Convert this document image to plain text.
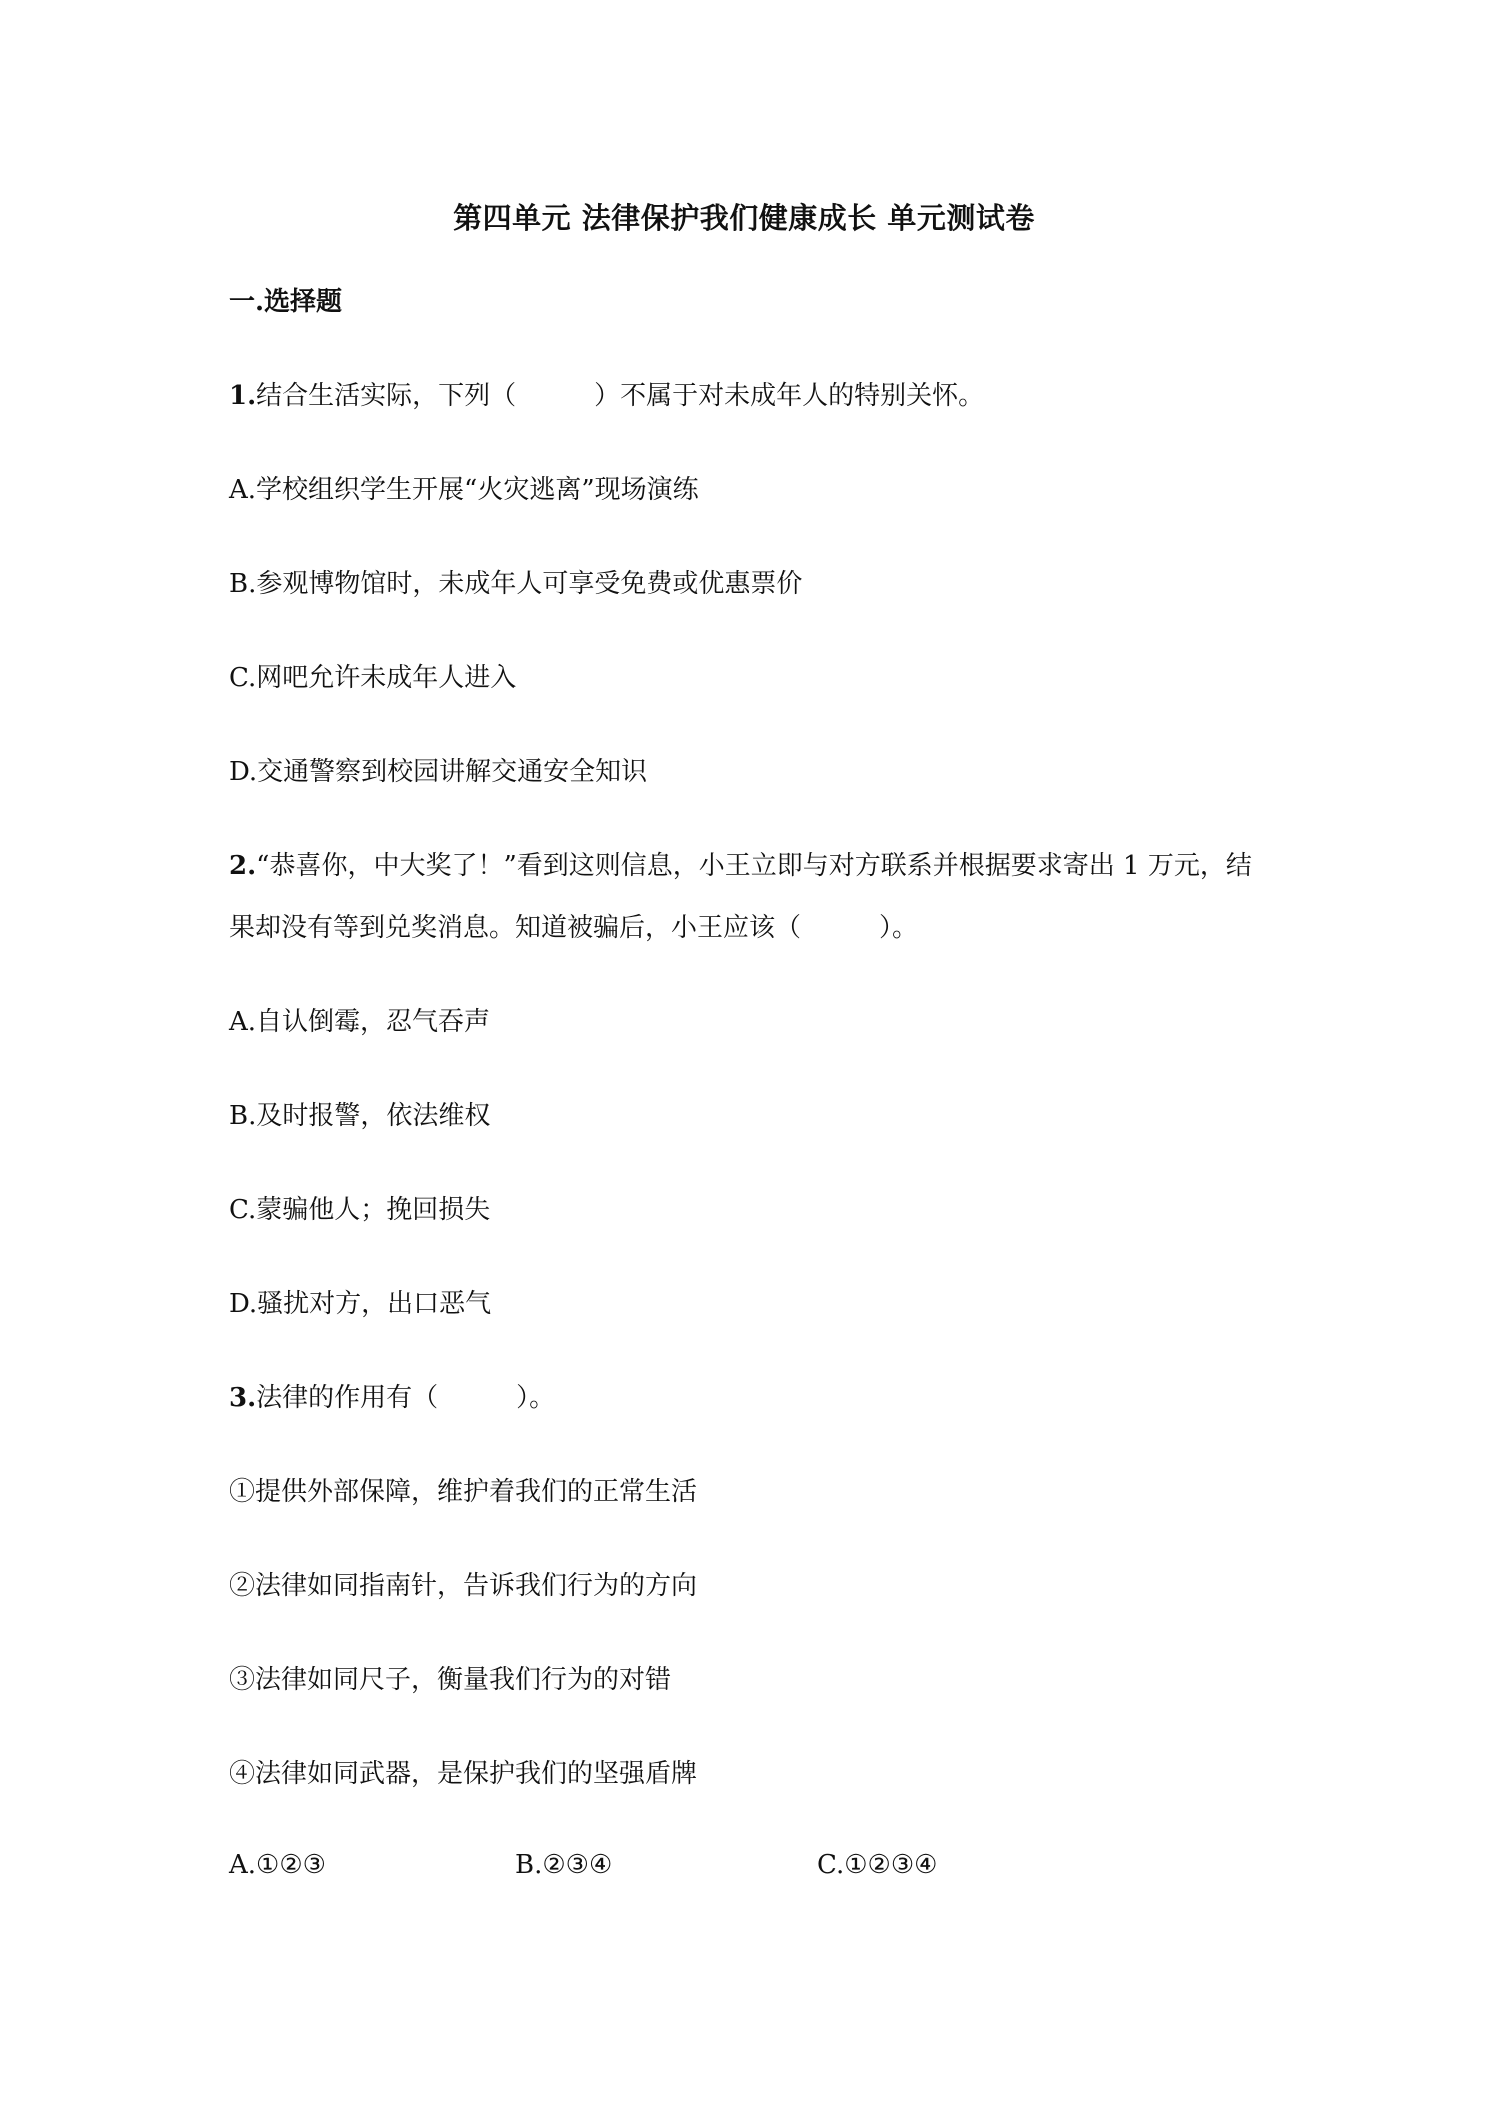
第四单元 法律保护我们健康成长 单元测试卷
一.选择题
1.结合生活实际，下列（　　　）不属于对未成年人的特别关怀。
A.学校组织学生开展“火灾逃离”现场演练
B.参观博物馆时，未成年人可享受免费或优惠票价
C.网吧允许未成年人进入
D.交通警察到校园讲解交通安全知识
2.“恭喜你，中大奖了！”看到这则信息，小王立即与对方联系并根据要求寄出 1 万元，结
果却没有等到兑奖消息。知道被骗后，小王应该（　　　）。
A.自认倒霉，忍气吞声
B.及时报警，依法维权
C.蒙骗他人；挽回损失
D.骚扰对方，出口恶气
3.法律的作用有（　　　）。
①提供外部保障，维护着我们的正常生活
②法律如同指南针，告诉我们行为的方向
③法律如同尺子，衡量我们行为的对错
④法律如同武器，是保护我们的坚强盾牌
A.①②③	B.②③④	C.①②③④
